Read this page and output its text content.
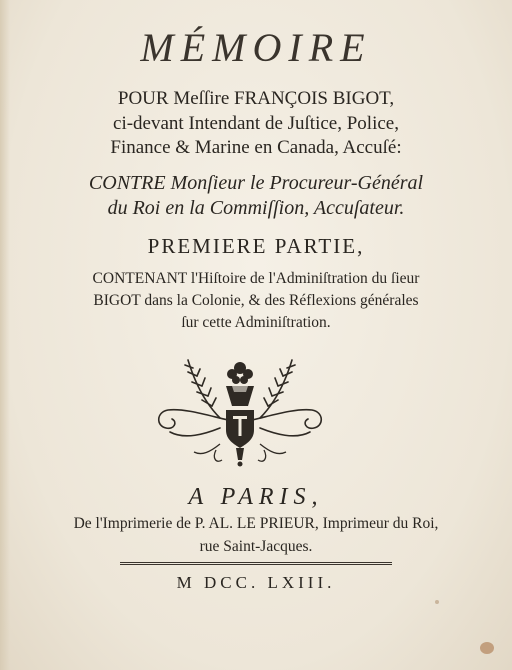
MÉMOIRE
POUR Meſſire FRANÇOIS BIGOT,
ci-devant Intendant de Juſtice, Police,
Finance & Marine en Canada, Accuſé:
CONTRE Monſieur le Procureur-Général
du Roi en la Commiſſion, Accuſateur.
PREMIERE PARTIE,
CONTENANT l'Hiſtoire de l'Adminiſtration du ſieur
BIGOT dans la Colonie, & des Réflexions générales
ſur cette Adminiſtration.
A PARIS,
De l'Imprimerie de P. AL. LE PRIEUR, Imprimeur du Roi,
rue Saint-Jacques.
M DCC. LXIII.
